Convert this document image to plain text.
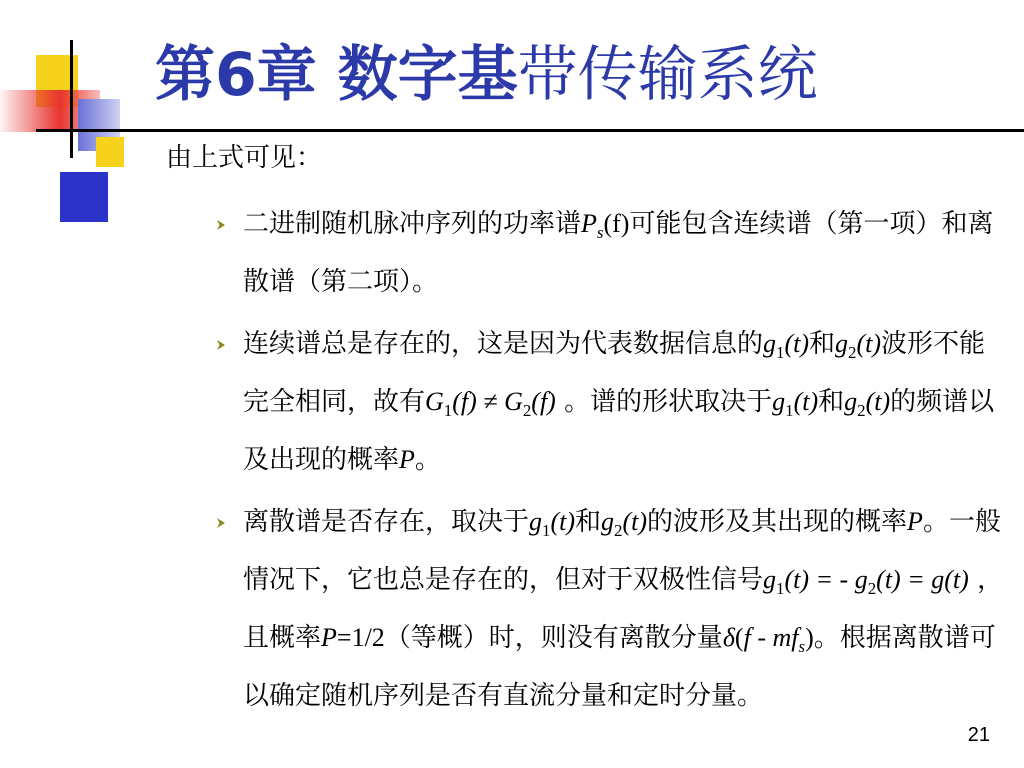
第6章 数字基带传输系统
由上式可见：
二进制随机脉冲序列的功率谱$P_s(f)$可能包含连续谱（第一项）和离散谱（第二项）。
连续谱总是存在的，这是因为代表数据信息的$g_1(t)$和$g_2(t)$波形不能完全相同，故有$G_1(f) \ne G_2(f)$ 。谱的形状取决于$g_1(t)$和$g_2(t)$的频谱以及出现的概率P。
离散谱是否存在，取决于$g_1(t)$和$g_2(t)$的波形及其出现的概率P。一般情况下，它也总是存在的，但对于双极性信号$g_1(t)$ = - $g_2(t) = g(t)$ ，且概率P=1/2（等概）时，则没有离散分量$\delta(f - mf_s)$。根据离散谱可以确定随机序列是否有直流分量和定时分量。
21
